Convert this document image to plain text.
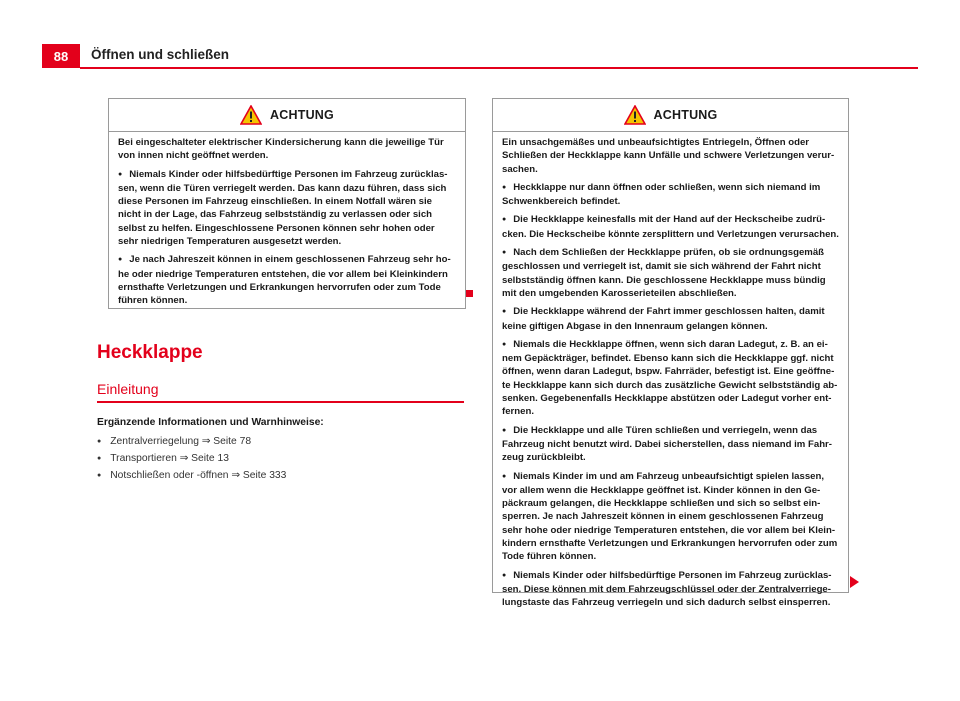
88	Öffnen und schließen
ACHTUNG

Bei eingeschalteter elektrischer Kindersicherung kann die jeweilige Tür von innen nicht geöffnet werden.

● Niemals Kinder oder hilfsbedürftige Personen im Fahrzeug zurücklas-sen, wenn die Türen verriegelt werden. Das kann dazu führen, dass sich diese Personen im Fahrzeug einschließen. In einem Notfall wären sie nicht in der Lage, das Fahrzeug selbstständig zu verlassen oder sich selbst zu helfen. Eingeschlossene Personen können sehr hohen oder sehr niedrigen Temperaturen ausgesetzt werden.

● Je nach Jahreszeit können in einem geschlossenen Fahrzeug sehr ho-he oder niedrige Temperaturen entstehen, die vor allem bei Kleinkindern ernsthafte Verletzungen und Erkrankungen hervorrufen oder zum Tode führen können.

Heckklappe
Einleitung
Ergänzende Informationen und Warnhinweise:
● Zentralverriegelung ⇒ Seite 78
● Transportieren ⇒ Seite 13
● Notschließen oder -öffnen ⇒ Seite 333
ACHTUNG

Ein unsachgemäßes und unbeaufsichtigtes Entriegeln, Öffnen oder Schließen der Heckklappe kann Unfälle und schwere Verletzungen verur-sachen.

● Heckklappe nur dann öffnen oder schließen, wenn sich niemand im Schwenkbereich befindet.

● Die Heckklappe keinesfalls mit der Hand auf der Heckscheibe zudrü-cken. Die Heckscheibe könnte zersplittern und Verletzungen verursachen.

● Nach dem Schließen der Heckklappe prüfen, ob sie ordnungsgemäß geschlossen und verriegelt ist, damit sie sich während der Fahrt nicht selbstständig öffnen kann. Die geschlossene Heckklappe muss bündig mit den umgebenden Karosserieteilen abschließen.

● Die Heckklappe während der Fahrt immer geschlossen halten, damit keine giftigen Abgase in den Innenraum gelangen können.

● Niemals die Heckklappe öffnen, wenn sich daran Ladegut, z. B. an ei-nem Gepäckträger, befindet. Ebenso kann sich die Heckklappe ggf. nicht öffnen, wenn daran Ladegut, bspw. Fahrräder, befestigt ist. Eine geöffne-te Heckklappe kann sich durch das zusätzliche Gewicht selbstständig ab-senken. Gegebenenfalls Heckklappe abstützen oder Ladegut vorher ent-fernen.

● Die Heckklappe und alle Türen schließen und verriegeln, wenn das Fahrzeug nicht benutzt wird. Dabei sicherstellen, dass niemand im Fahr-zeug zurückbleibt.

● Niemals Kinder im und am Fahrzeug unbeaufsichtigt spielen lassen, vor allem wenn die Heckklappe geöffnet ist. Kinder können in den Ge-päckraum gelangen, die Heckklappe schließen und sich so selbst ein-sperren. Je nach Jahreszeit können in einem geschlossenen Fahrzeug sehr hohe oder niedrige Temperaturen entstehen, die vor allem bei Klein-kindern ernsthafte Verletzungen und Erkrankungen hervorrufen oder zum Tode führen können.

● Niemals Kinder oder hilfsbedürftige Personen im Fahrzeug zurücklas-sen. Diese können mit dem Fahrzeugschlüssel oder der Zentralverriege-lungstaste das Fahrzeug verriegeln und sich dadurch selbst einsperren.
